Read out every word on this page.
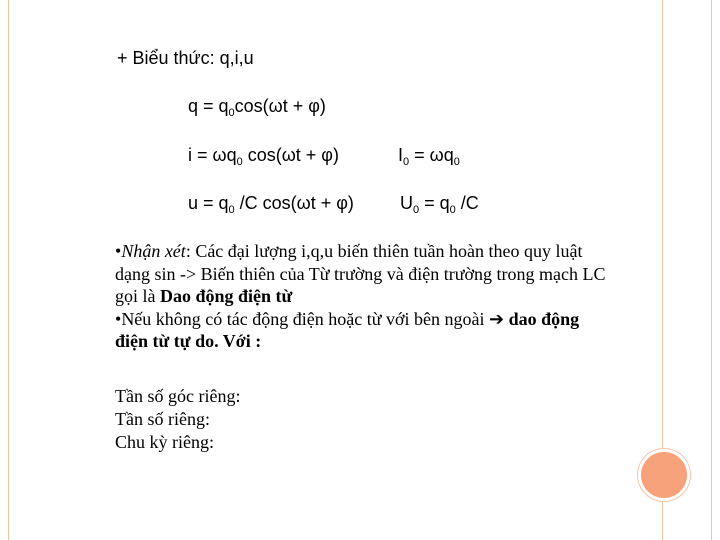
+ Biểu thức: q,i,u
$q = q_0\cos(\omega t + \varphi)$
$i = \omega q_0$ cos(ωt + φ)	$I_0 = \omega q_0$
$u = q_0$ /C cos(ωt + φ)	$U_0 = q_0$ /C
•Nhận xét: Các đại lượng i,q,u biến thiên tuần hoàn theo quy luật dạng sin -> Biến thiên của Từ trường và điện trường trong mạch LC gọi là Dao động điện từ
•Nếu không có tác động điện hoặc từ với bên ngoài ➔ dao động điện từ tự do. Với :
Tần số góc riêng:
Tần số riêng:
Chu kỳ riêng:
